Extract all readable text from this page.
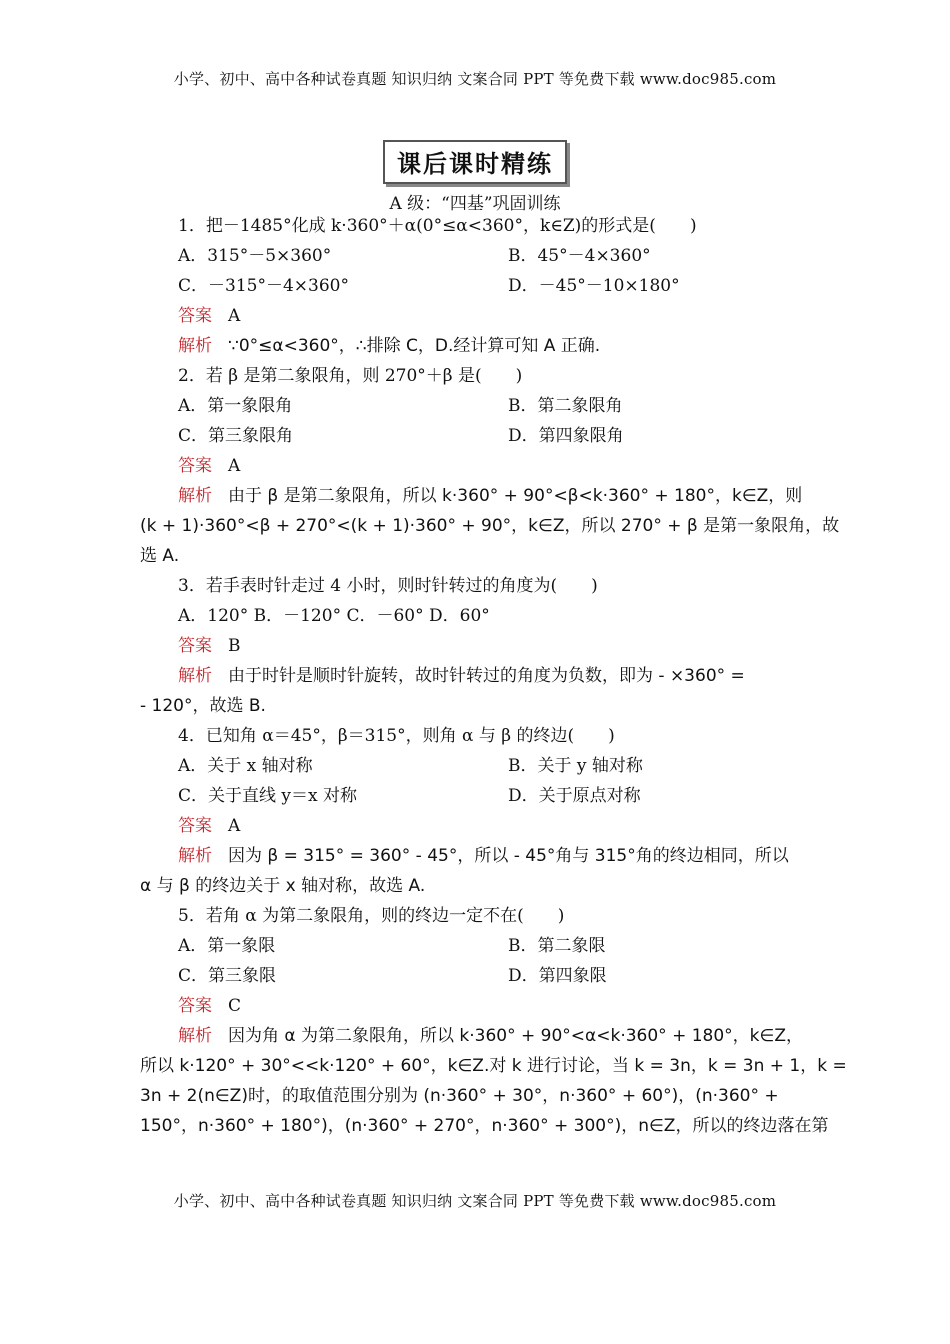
小学、初中、高中各种试卷真题 知识归纳 文案合同 PPT 等免费下载 www.doc985.com
课后课时精练
A 级：“四基”巩固训练
1．把－1485°化成 k·360°＋α(0°≤α<360°，k∈Z)的形式是(　　)
A．315°－5×360°	B．45°－4×360°
C．－315°－4×360°	D．－45°－10×180°
答案 A
解析 ∵0°≤α<360°，∴排除 C，D.经计算可知 A 正确.
2．若 β 是第二象限角，则 270°＋β 是(　　)
A．第一象限角	B．第二象限角
C．第三象限角	D．第四象限角
答案 A
解析 由于 β 是第二象限角，所以 k·360° + 90°<β<k·360° + 180°，k∈Z，则
(k + 1)·360°<β + 270°<(k + 1)·360° + 90°，k∈Z，所以 270° + β 是第一象限角，故
选 A.
3．若手表时针走过 4 小时，则时针转过的角度为(　　)
A．120° B．－120° C．－60° D．60°
答案 B
解析 由于时针是顺时针旋转，故时针转过的角度为负数，即为 - ×360° =
- 120°，故选 B.
4．已知角 α＝45°，β＝315°，则角 α 与 β 的终边(　　)
A．关于 x 轴对称	B．关于 y 轴对称
C．关于直线 y＝x 对称	D．关于原点对称
答案 A
解析 因为 β = 315° = 360° - 45°，所以 - 45°角与 315°角的终边相同，所以
α 与 β 的终边关于 x 轴对称，故选 A.
5．若角 α 为第二象限角，则的终边一定不在(　　)
A．第一象限	B．第二象限
C．第三象限	D．第四象限
答案 C
解析 因为角 α 为第二象限角，所以 k·360° + 90°<α<k·360° + 180°，k∈Z，
所以 k·120° + 30°<<k·120° + 60°，k∈Z.对 k 进行讨论，当 k = 3n，k = 3n + 1，k =
3n + 2(n∈Z)时，的取值范围分别为 (n·360° + 30°，n·360° + 60°)，(n·360° +
150°，n·360° + 180°)，(n·360° + 270°，n·360° + 300°)，n∈Z，所以的终边落在第
小学、初中、高中各种试卷真题 知识归纳 文案合同 PPT 等免费下载 www.doc985.com
